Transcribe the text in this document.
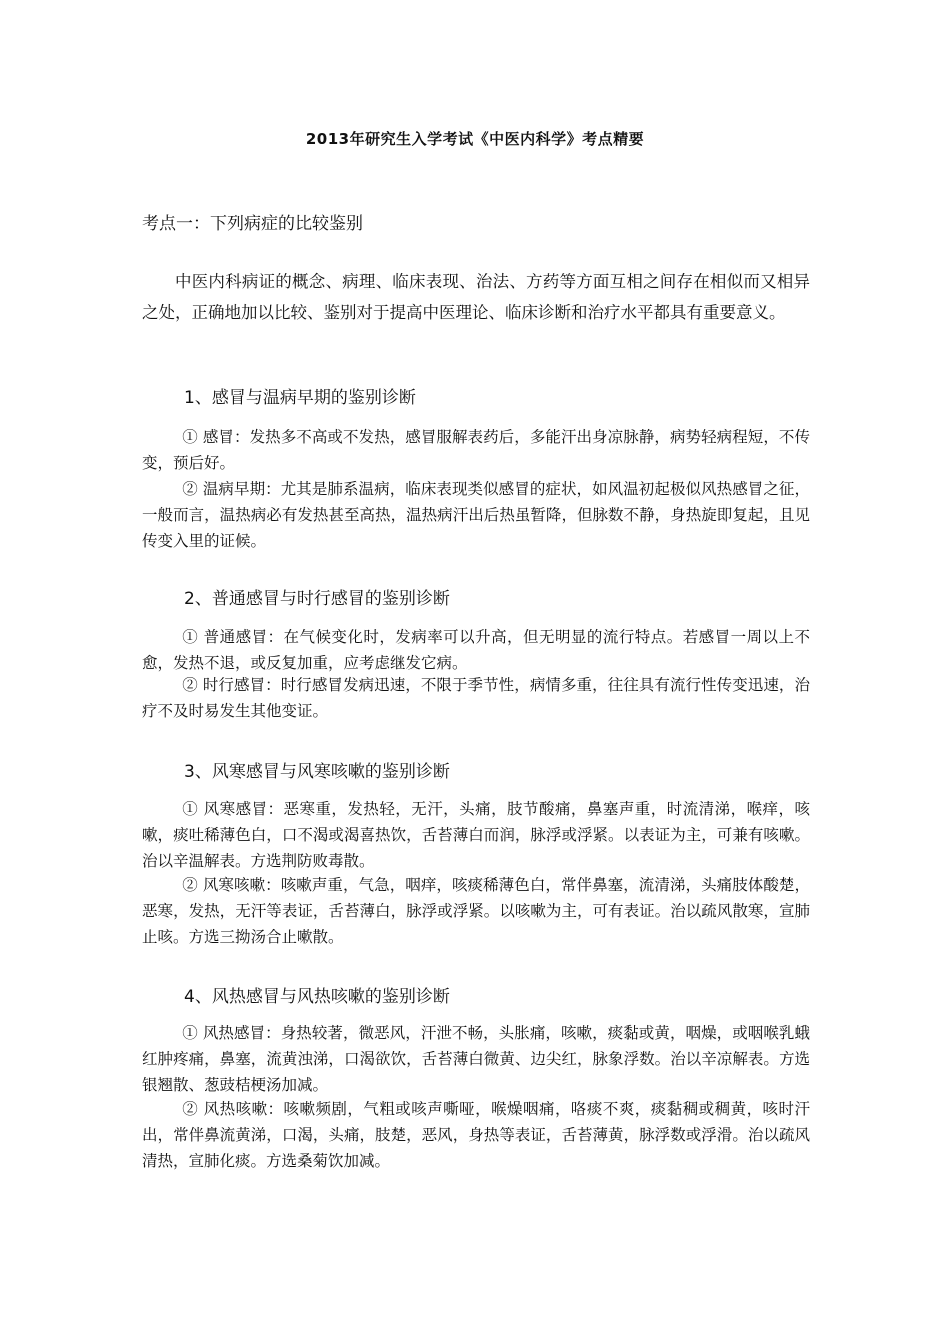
2013年研究生入学考试《中医内科学》考点精要
考点一：下列病症的比较鉴别

中医内科病证的概念、病理、临床表现、治法、方药等方面互相之间存在相似而又相异之处，正确地加以比较、鉴别对于提高中医理论、临床诊断和治疗水平都具有重要意义。

1、感冒与温病早期的鉴别诊断

① 感冒：发热多不高或不发热，感冒服解表药后，多能汗出身凉脉静，病势轻病程短，不传变，预后好。

② 温病早期：尤其是肺系温病，临床表现类似感冒的症状，如风温初起极似风热感冒之征，一般而言，温热病必有发热甚至高热，温热病汗出后热虽暂降，但脉数不静，身热旋即复起，且见传变入里的证候。

2、普通感冒与时行感冒的鉴别诊断

① 普通感冒：在气候变化时，发病率可以升高，但无明显的流行特点。若感冒一周以上不愈，发热不退，或反复加重，应考虑继发它病。

② 时行感冒：时行感冒发病迅速，不限于季节性，病情多重，往往具有流行性传变迅速，治疗不及时易发生其他变证。

3、风寒感冒与风寒咳嗽的鉴别诊断

① 风寒感冒：恶寒重，发热轻，无汗，头痛，肢节酸痛，鼻塞声重，时流清涕，喉痒，咳嗽，痰吐稀薄色白，口不渴或渴喜热饮，舌苔薄白而润，脉浮或浮紧。以表证为主，可兼有咳嗽。治以辛温解表。方选荆防败毒散。

② 风寒咳嗽：咳嗽声重，气急，咽痒，咳痰稀薄色白，常伴鼻塞，流清涕，头痛肢体酸楚，恶寒，发热，无汗等表证，舌苔薄白，脉浮或浮紧。以咳嗽为主，可有表证。治以疏风散寒，宣肺止咳。方选三拗汤合止嗽散。

4、风热感冒与风热咳嗽的鉴别诊断

① 风热感冒：身热较著，微恶风，汗泄不畅，头胀痛，咳嗽，痰黏或黄，咽燥，或咽喉乳蛾红肿疼痛，鼻塞，流黄浊涕，口渴欲饮，舌苔薄白微黄、边尖红，脉象浮数。治以辛凉解表。方选银翘散、葱豉桔梗汤加减。

② 风热咳嗽：咳嗽频剧，气粗或咳声嘶哑，喉燥咽痛，咯痰不爽，痰黏稠或稠黄，咳时汗出，常伴鼻流黄涕，口渴，头痛，肢楚，恶风，身热等表证，舌苔薄黄，脉浮数或浮滑。治以疏风清热，宣肺化痰。方选桑菊饮加减。
